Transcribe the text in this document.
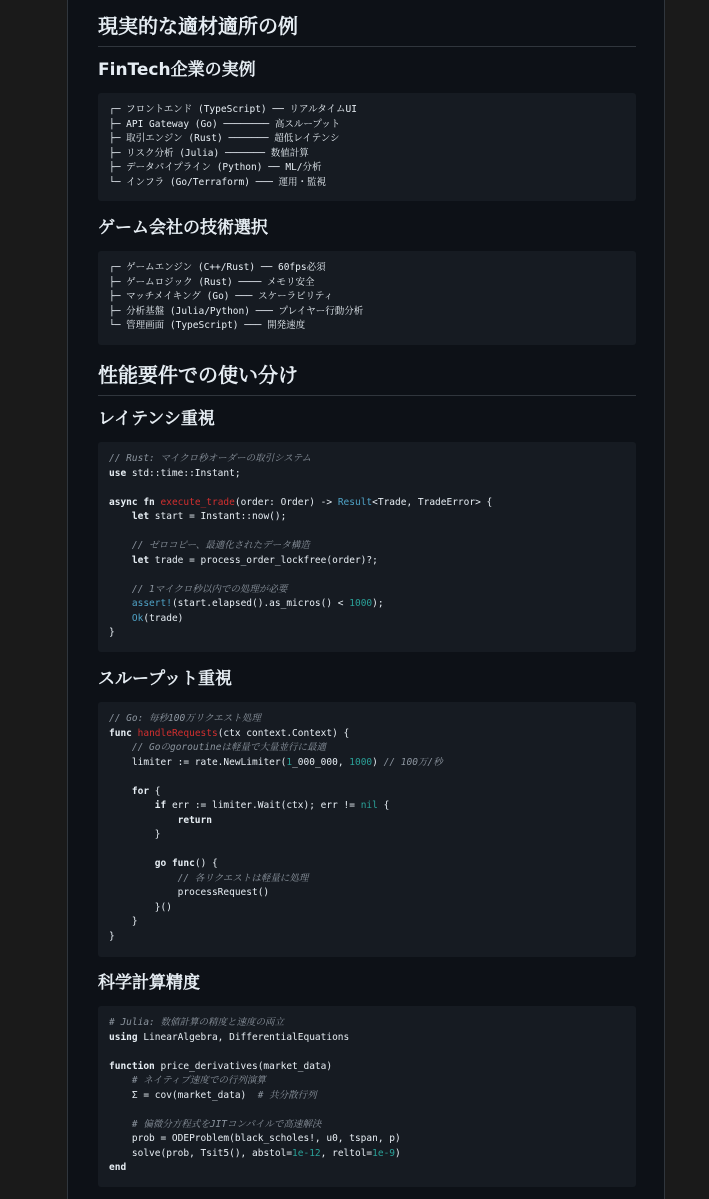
現実的な適材適所の例
FinTech企業の実例
┌─ フロントエンド (TypeScript) ── リアルタイムUI
├─ API Gateway (Go) ──────── 高スループット
├─ 取引エンジン (Rust) ─────── 超低レイテンシ
├─ リスク分析 (Julia) ─────── 数値計算
├─ データパイプライン (Python) ── ML/分析
└─ インフラ (Go/Terraform) ─── 運用・監視
ゲーム会社の技術選択
┌─ ゲームエンジン (C++/Rust) ── 60fps必須
├─ ゲームロジック (Rust) ──── メモリ安全
├─ マッチメイキング (Go) ─── スケーラビリティ
├─ 分析基盤 (Julia/Python) ─── プレイヤー行動分析
└─ 管理画面 (TypeScript) ─── 開発速度
性能要件での使い分け
レイテンシ重視
// Rust: マイクロ秒オーダーの取引システム
use std::time::Instant;

async fn execute_trade(order: Order) -> Result<Trade, TradeError> {
let start = Instant::now();

// ゼロコピー、最適化されたデータ構造
let trade = process_order_lockfree(order)?;

// 1マイクロ秒以内での処理が必要
assert!(start.elapsed().as_micros() < 1000);
Ok(trade)
}
スループット重視
// Go: 毎秒100万リクエスト処理
func handleRequests(ctx context.Context) {
// Goのgoroutineは軽量で大量並行に最適
limiter := rate.NewLimiter(1_000_000, 1000) // 100万/秒

for {
if err := limiter.Wait(ctx); err != nil {
return
}

go func() {
// 各リクエストは軽量に処理
processRequest()
}()
}
}
科学計算精度
# Julia: 数値計算の精度と速度の両立
using LinearAlgebra, DifferentialEquations

function price_derivatives(market_data)
# ネイティブ速度での行列演算
Σ = cov(market_data)  # 共分散行列

# 偏微分方程式をJITコンパイルで高速解決
prob = ODEProblem(black_scholes!, u0, tspan, p)
solve(prob, Tsit5(), abstol=1e-12, reltol=1e-9)
end
